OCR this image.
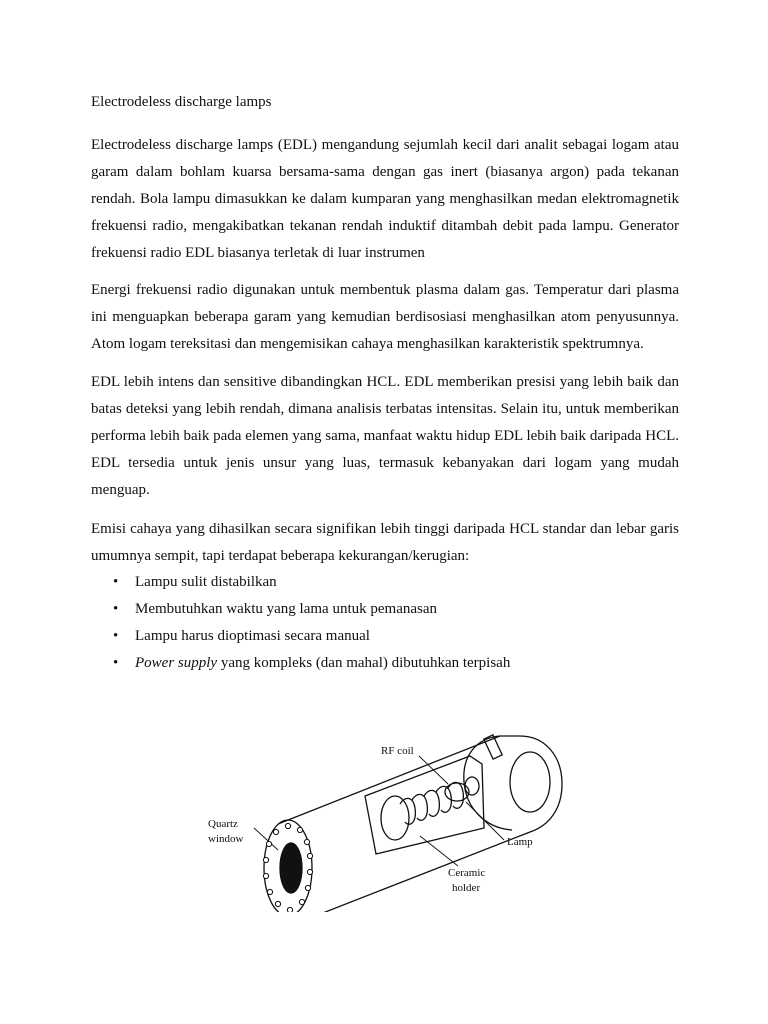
Electrodeless discharge lamps

Electrodeless discharge lamps (EDL) mengandung sejumlah kecil dari analit sebagai logam atau garam dalam bohlam kuarsa bersama-sama dengan gas inert (biasanya argon) pada tekanan rendah. Bola lampu dimasukkan ke dalam kumparan yang menghasilkan medan elektromagnetik frekuensi radio, mengakibatkan tekanan rendah induktif ditambah debit pada lampu. Generator frekuensi radio EDL biasanya terletak di luar instrumen

Energi frekuensi radio digunakan untuk membentuk plasma dalam gas. Temperatur dari plasma ini menguapkan beberapa garam yang kemudian berdisosiasi menghasilkan atom penyusunnya. Atom logam tereksitasi dan mengemisikan cahaya menghasilkan karakteristik spektrumnya.

EDL lebih intens dan sensitive dibandingkan HCL. EDL memberikan presisi yang lebih baik dan batas deteksi yang lebih rendah, dimana analisis terbatas intensitas. Selain itu, untuk memberikan performa lebih baik pada elemen yang sama, manfaat waktu hidup EDL lebih baik daripada HCL. EDL tersedia untuk jenis unsur yang luas, termasuk kebanyakan dari logam yang mudah menguap.

Emisi cahaya yang dihasilkan secara signifikan lebih tinggi daripada HCL standar dan lebar garis umumnya sempit, tapi terdapat beberapa kekurangan/kerugian:

• Lampu sulit distabilkan
• Membutuhkan waktu yang lama untuk pemanasan
• Lampu harus dioptimasi secara manual
• Power supply yang kompleks (dan mahal) dibutuhkan terpisah
RF coil
Quartz
window	Lamp
Ceramic
holder
